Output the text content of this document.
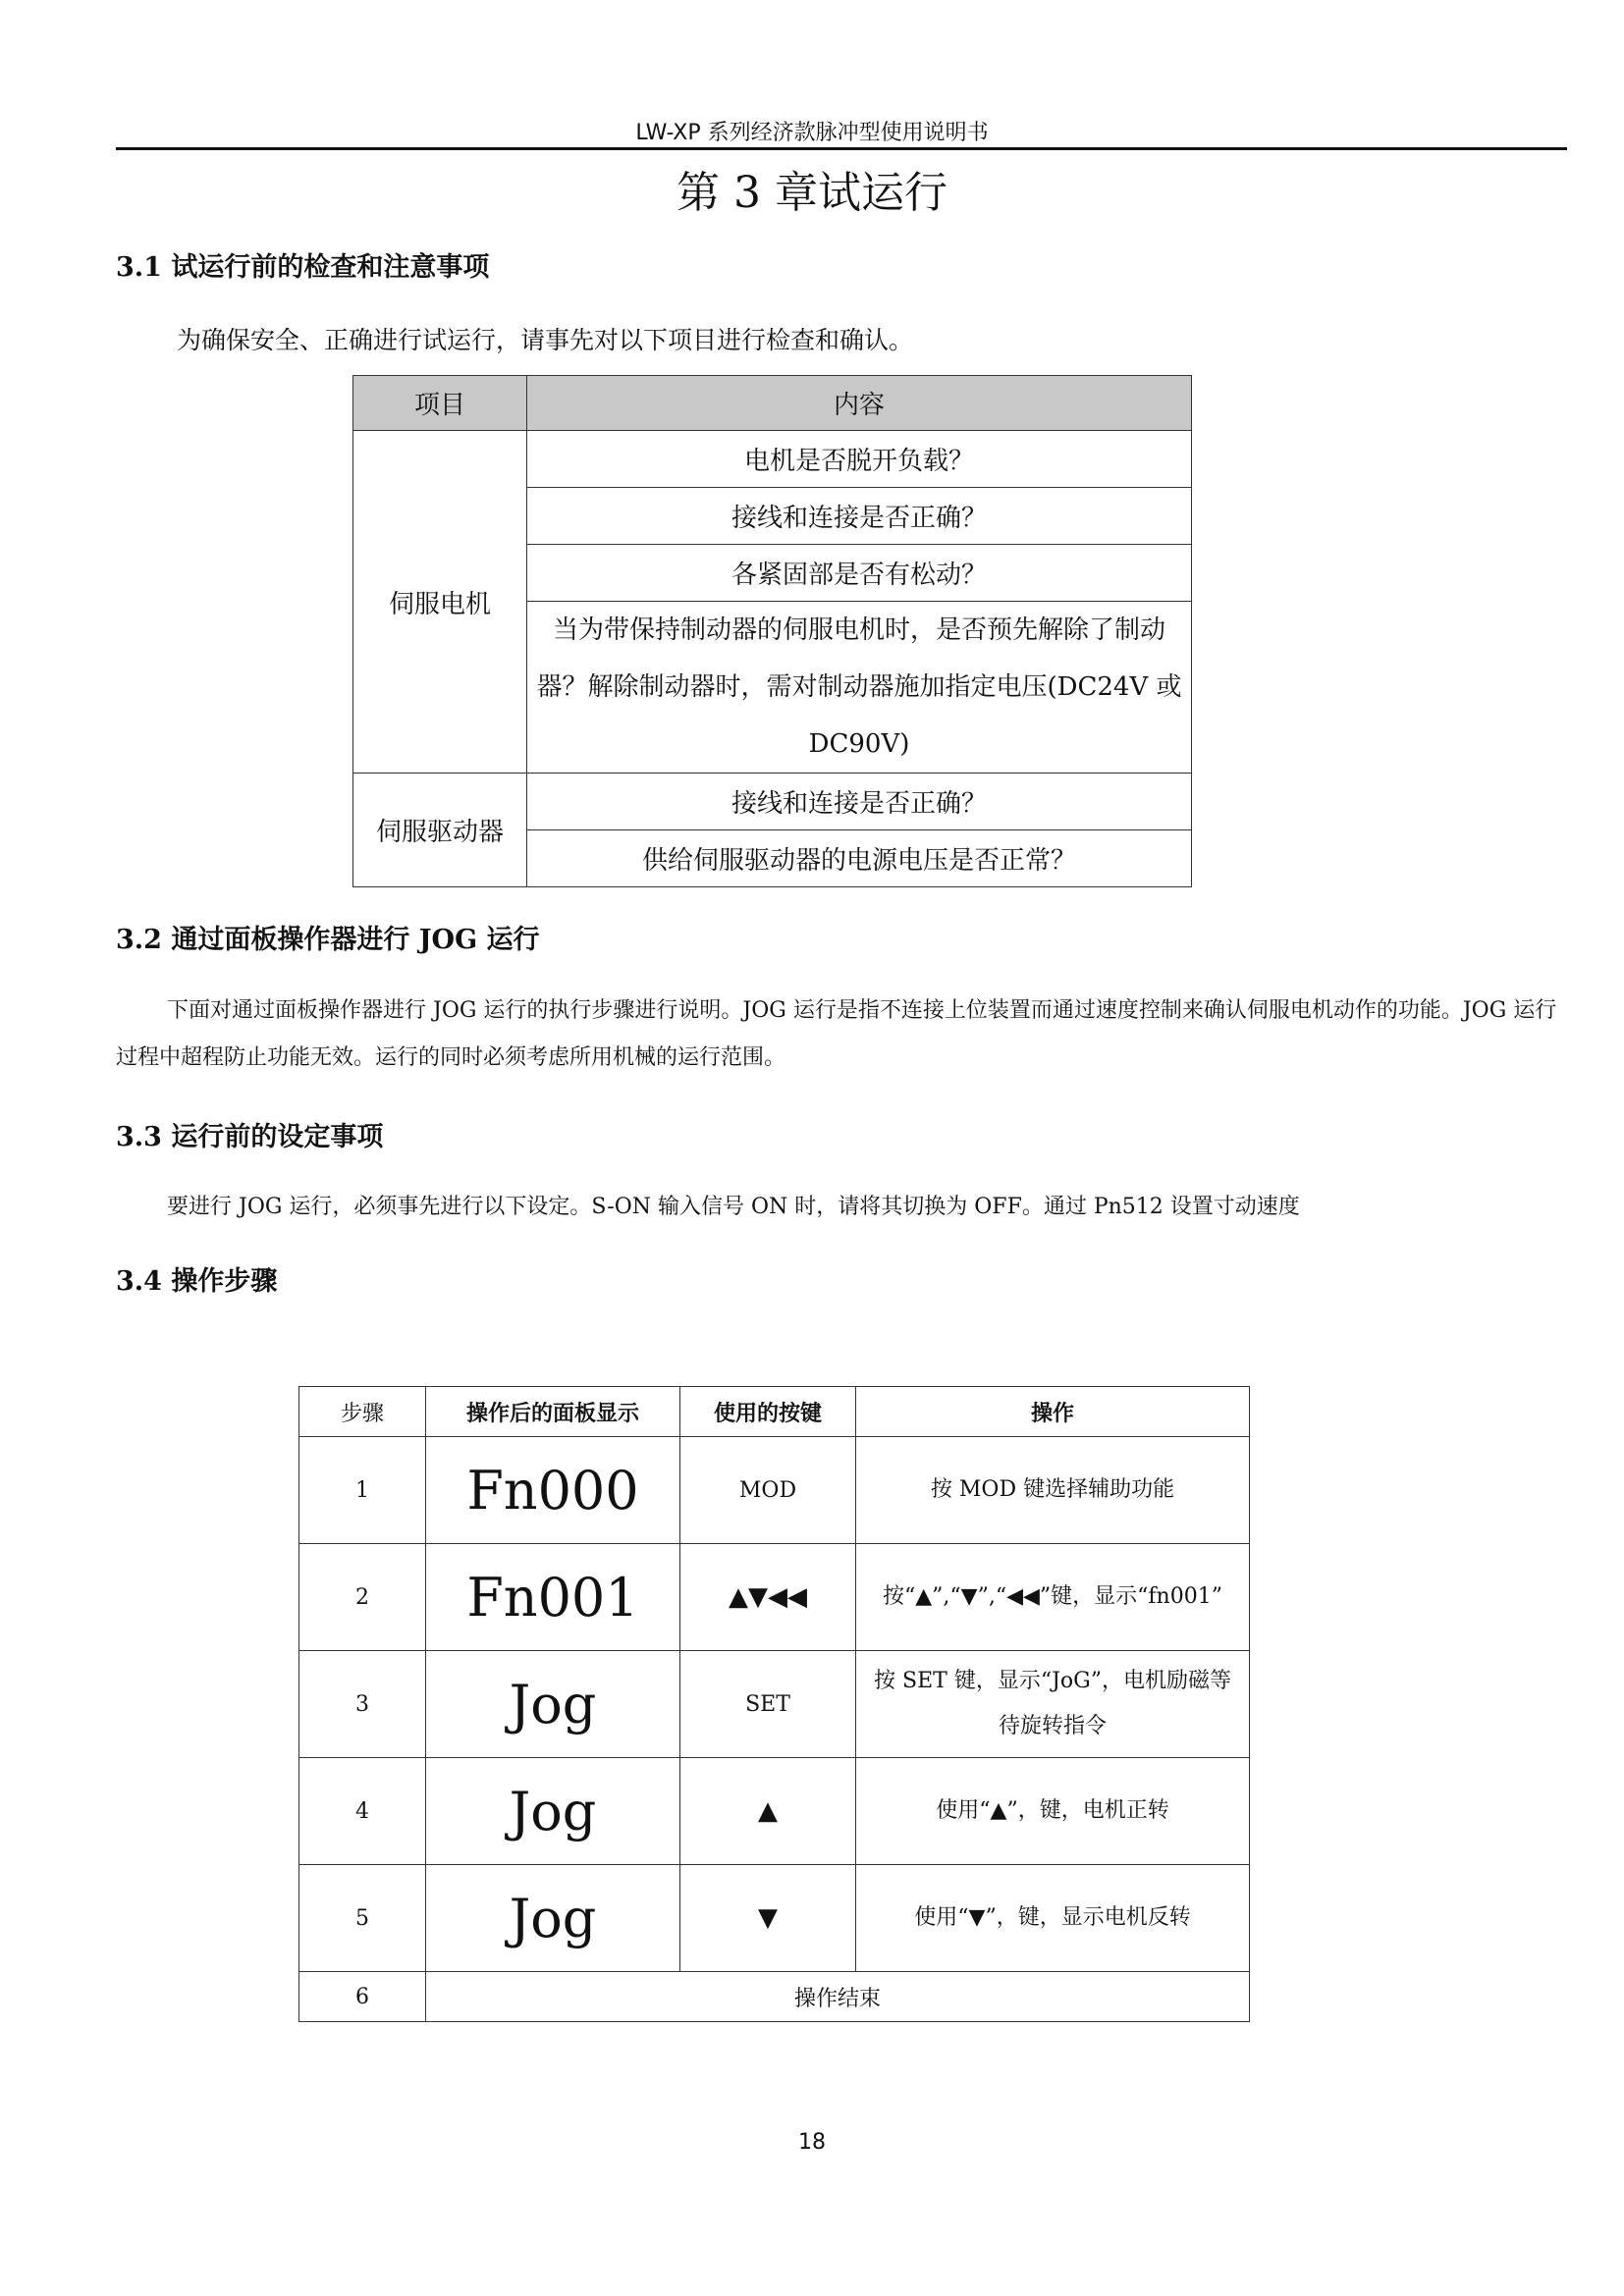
LW-XP 系列经济款脉冲型使用说明书
第 3 章试运行
3.1 试运行前的检查和注意事项
为确保安全、正确进行试运行，请事先对以下项目进行检查和确认。
项目	内容
伺服电机	电机是否脱开负载？
	接线和连接是否正确？
	各紧固部是否有松动？
	当为带保持制动器的伺服电机时，是否预先解除了制动器？解除制动器时，需对制动器施加指定电压(DC24V 或 DC90V)
伺服驱动器	接线和连接是否正确？
	供给伺服驱动器的电源电压是否正常？
3.2 通过面板操作器进行 JOG 运行
下面对通过面板操作器进行 JOG 运行的执行步骤进行说明。JOG 运行是指不连接上位装置而通过速度控制来确认伺服电机动作的功能。JOG 运行过程中超程防止功能无效。运行的同时必须考虑所用机械的运行范围。
3.3 运行前的设定事项
要进行 JOG 运行，必须事先进行以下设定。S-ON 输入信号 ON 时，请将其切换为 OFF。通过 Pn512 设置寸动速度
3.4 操作步骤
步骤	操作后的面板显示	使用的按键	操作
1	Fn000	MOD	按 MOD 键选择辅助功能
2	Fn001	▲▼◀◀	按“▲”,“▼”,“◀◀”键，显示“fn001”
3	Jog	SET	按 SET 键，显示“JoG”，电机励磁等待旋转指令
4	Jog	▲	使用“▲”，键，电机正转
5	Jog	▼	使用“▼”，键，显示电机反转
6	操作结束		
18
